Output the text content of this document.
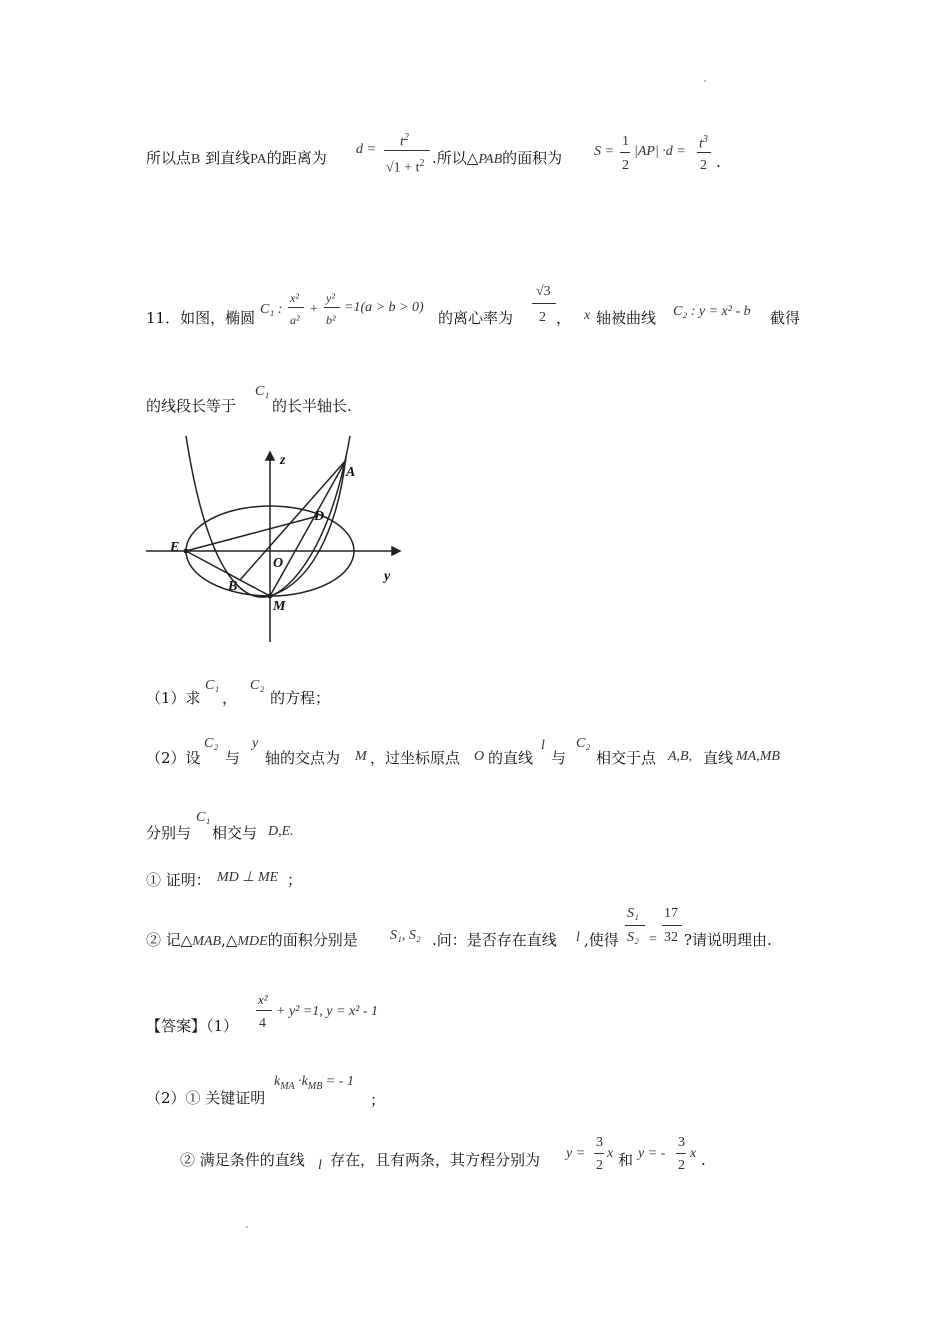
所以点B 到直线PA的距离为 $d = t^2$
$√1 + t^2$ .所以△PAB的面积为 S =
1
2
$|AP| \cdot d = t^3$
2 .
11．如图，椭圆 C₁ :
x²
a²
+
y²
b²
=1(a > b > 0)
的离心率为
√3
2 ， x 轴被曲线 C₂ : y = x² - b 截得
的线段长等于
C₁
的长半轴长.
z
y
A
D
E
O
B
M
（1）求
C₁
，
C₂
的方程；
（2）设
C₂
与
y
轴的交点为 M ，过坐标原点 O 的直线
l
与
C₂
相交于点 A,B, 直线 MA,MB
分别与
C₁
相交与 D,E.
① 证明： MD ⊥ ME ；
② 记△MAB,△MDE的面积分别是 S₁, S₂ .问：是否存在直线 l ,使得
S₁
S₂ =
17
32 ?请说明理由.
【答案】（1）
x²
4
+ y² =1, y = x² - 1
（2）① 关键证明
$k_{MA} \cdot k_{MB}$ = - 1
；
② 满足条件的直线 l 存在，且有两条，其方程分别为 y =
3
2
x 和 y = -
3
2
x .
